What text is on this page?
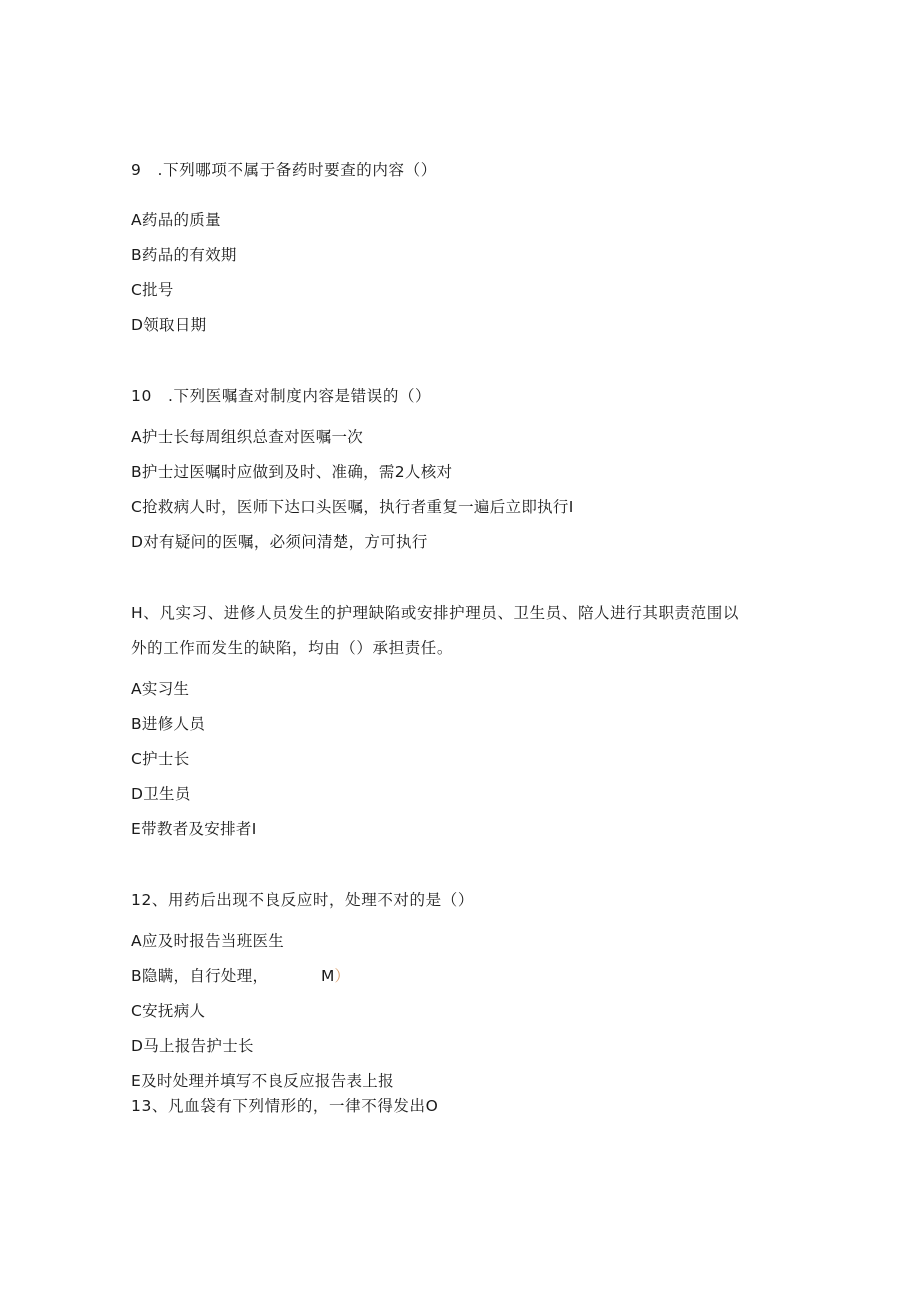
9　.下列哪项不属于备药时要查的内容（）
A药品的质量
B药品的有效期
C批号
D领取日期
10　.下列医嘱查对制度内容是错误的（）
A护士长每周组织总查对医嘱一次
B护士过医嘱时应做到及时、准确，需2人核对
C抢救病人时，医师下达口头医嘱，执行者重复一遍后立即执行I
D对有疑问的医嘱，必须问清楚，方可执行
H、凡实习、进修人员发生的护理缺陷或安排护理员、卫生员、陪人进行其职责范围以
外的工作而发生的缺陷，均由（）承担责任。
A实习生
B进修人员
C护士长
D卫生员
E带教者及安排者I
12、用药后出现不良反应时，处理不对的是（）
A应及时报告当班医生
B隐瞒，自行处理，	M）
C安抚病人
D马上报告护士长
E及时处理并填写不良反应报告表上报
13、凡血袋有下列情形的，一律不得发出O
